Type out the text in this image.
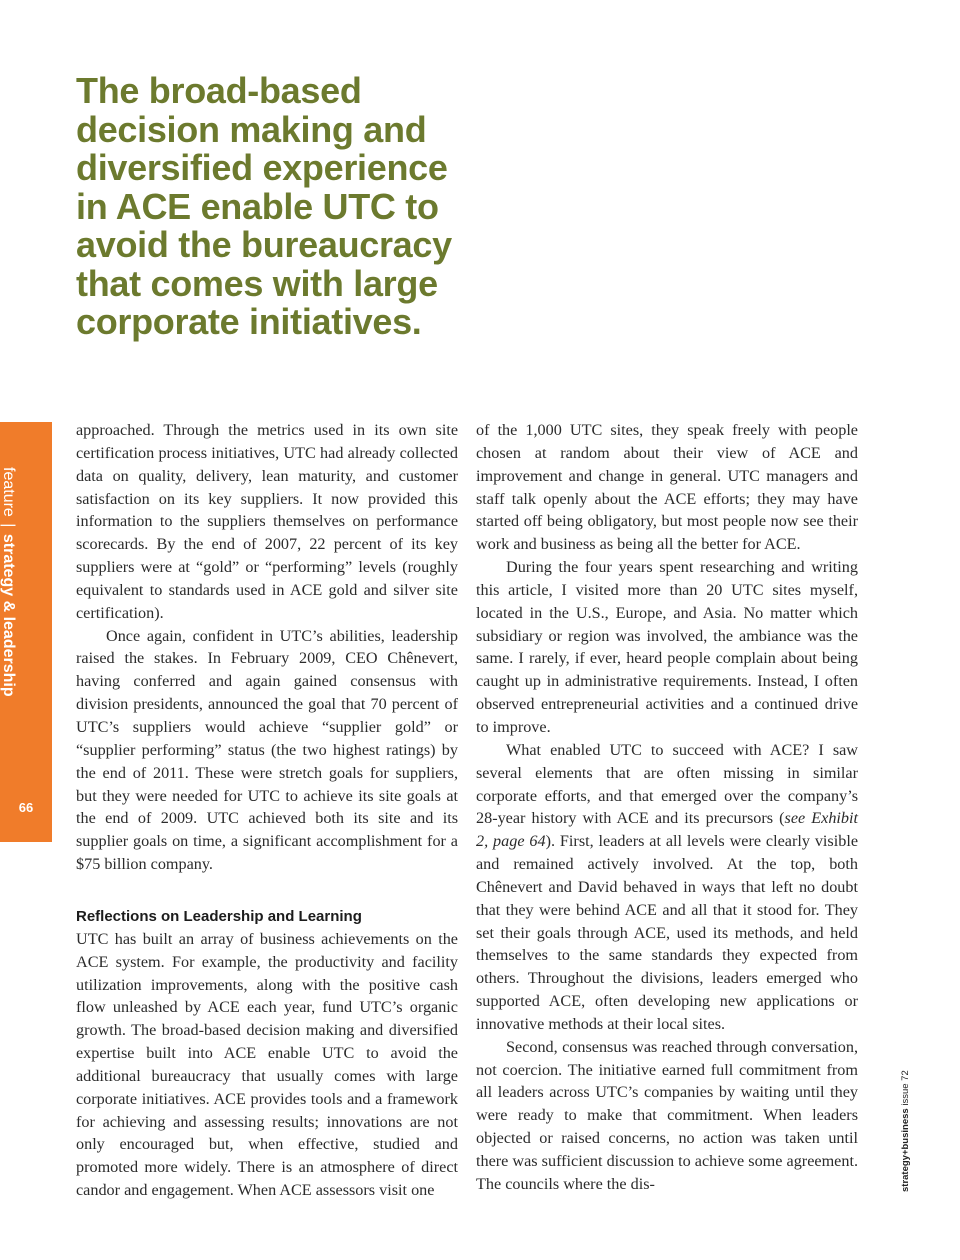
The broad-based decision making and diversified experience in ACE enable UTC to avoid the bureaucracy that comes with large corporate initiatives.
feature | strategy & leadership
66

approached. Through the metrics used in its own site certification process initiatives, UTC had already collected data on quality, delivery, lean maturity, and customer satisfaction on its key suppliers. It now provided this information to the suppliers themselves on performance scorecards. By the end of 2007, 22 percent of its key suppliers were at “gold” or “performing” levels (roughly equivalent to standards used in ACE gold and silver site certification).

Once again, confident in UTC’s abilities, leadership raised the stakes. In February 2009, CEO Chênevert, having conferred and again gained consensus with division presidents, announced the goal that 70 percent of UTC’s suppliers would achieve “supplier gold” or “supplier performing” status (the two highest ratings) by the end of 2011. These were stretch goals for suppliers, but they were needed for UTC to achieve its site goals at the end of 2009. UTC achieved both its site and its supplier goals on time, a significant accomplishment for a $75 billion company.

Reflections on Leadership and Learning

UTC has built an array of business achievements on the ACE system. For example, the productivity and facility utilization improvements, along with the positive cash flow unleashed by ACE each year, fund UTC’s organic growth. The broad-based decision making and diversified expertise built into ACE enable UTC to avoid the additional bureaucracy that usually comes with large corporate initiatives. ACE provides tools and a framework for achieving and assessing results; innovations are not only encouraged but, when effective, studied and promoted more widely. There is an atmosphere of direct candor and engagement. When ACE assessors visit one

of the 1,000 UTC sites, they speak freely with people chosen at random about their view of ACE and improvement and change in general. UTC managers and staff talk openly about the ACE efforts; they may have started off being obligatory, but most people now see their work and business as being all the better for ACE.

During the four years spent researching and writing this article, I visited more than 20 UTC sites myself, located in the U.S., Europe, and Asia. No matter which subsidiary or region was involved, the ambiance was the same. I rarely, if ever, heard people complain about being caught up in administrative requirements. Instead, I often observed entrepreneurial activities and a continued drive to improve.

What enabled UTC to succeed with ACE? I saw several elements that are often missing in similar corporate efforts, and that emerged over the company’s 28-year history with ACE and its precursors (see Exhibit 2, page 64). First, leaders at all levels were clearly visible and remained actively involved. At the top, both Chênevert and David behaved in ways that left no doubt that they were behind ACE and all that it stood for. They set their goals through ACE, used its methods, and held themselves to the same standards they expected from others. Throughout the divisions, leaders emerged who supported ACE, often developing new applications or innovative methods at their local sites.

Second, consensus was reached through conversation, not coercion. The initiative earned full commitment from all leaders across UTC’s companies by waiting until they were ready to make that commitment. When leaders objected or raised concerns, no action was taken until there was sufficient discussion to achieve some agreement. The councils where the dis-	strategy+business issue 72
